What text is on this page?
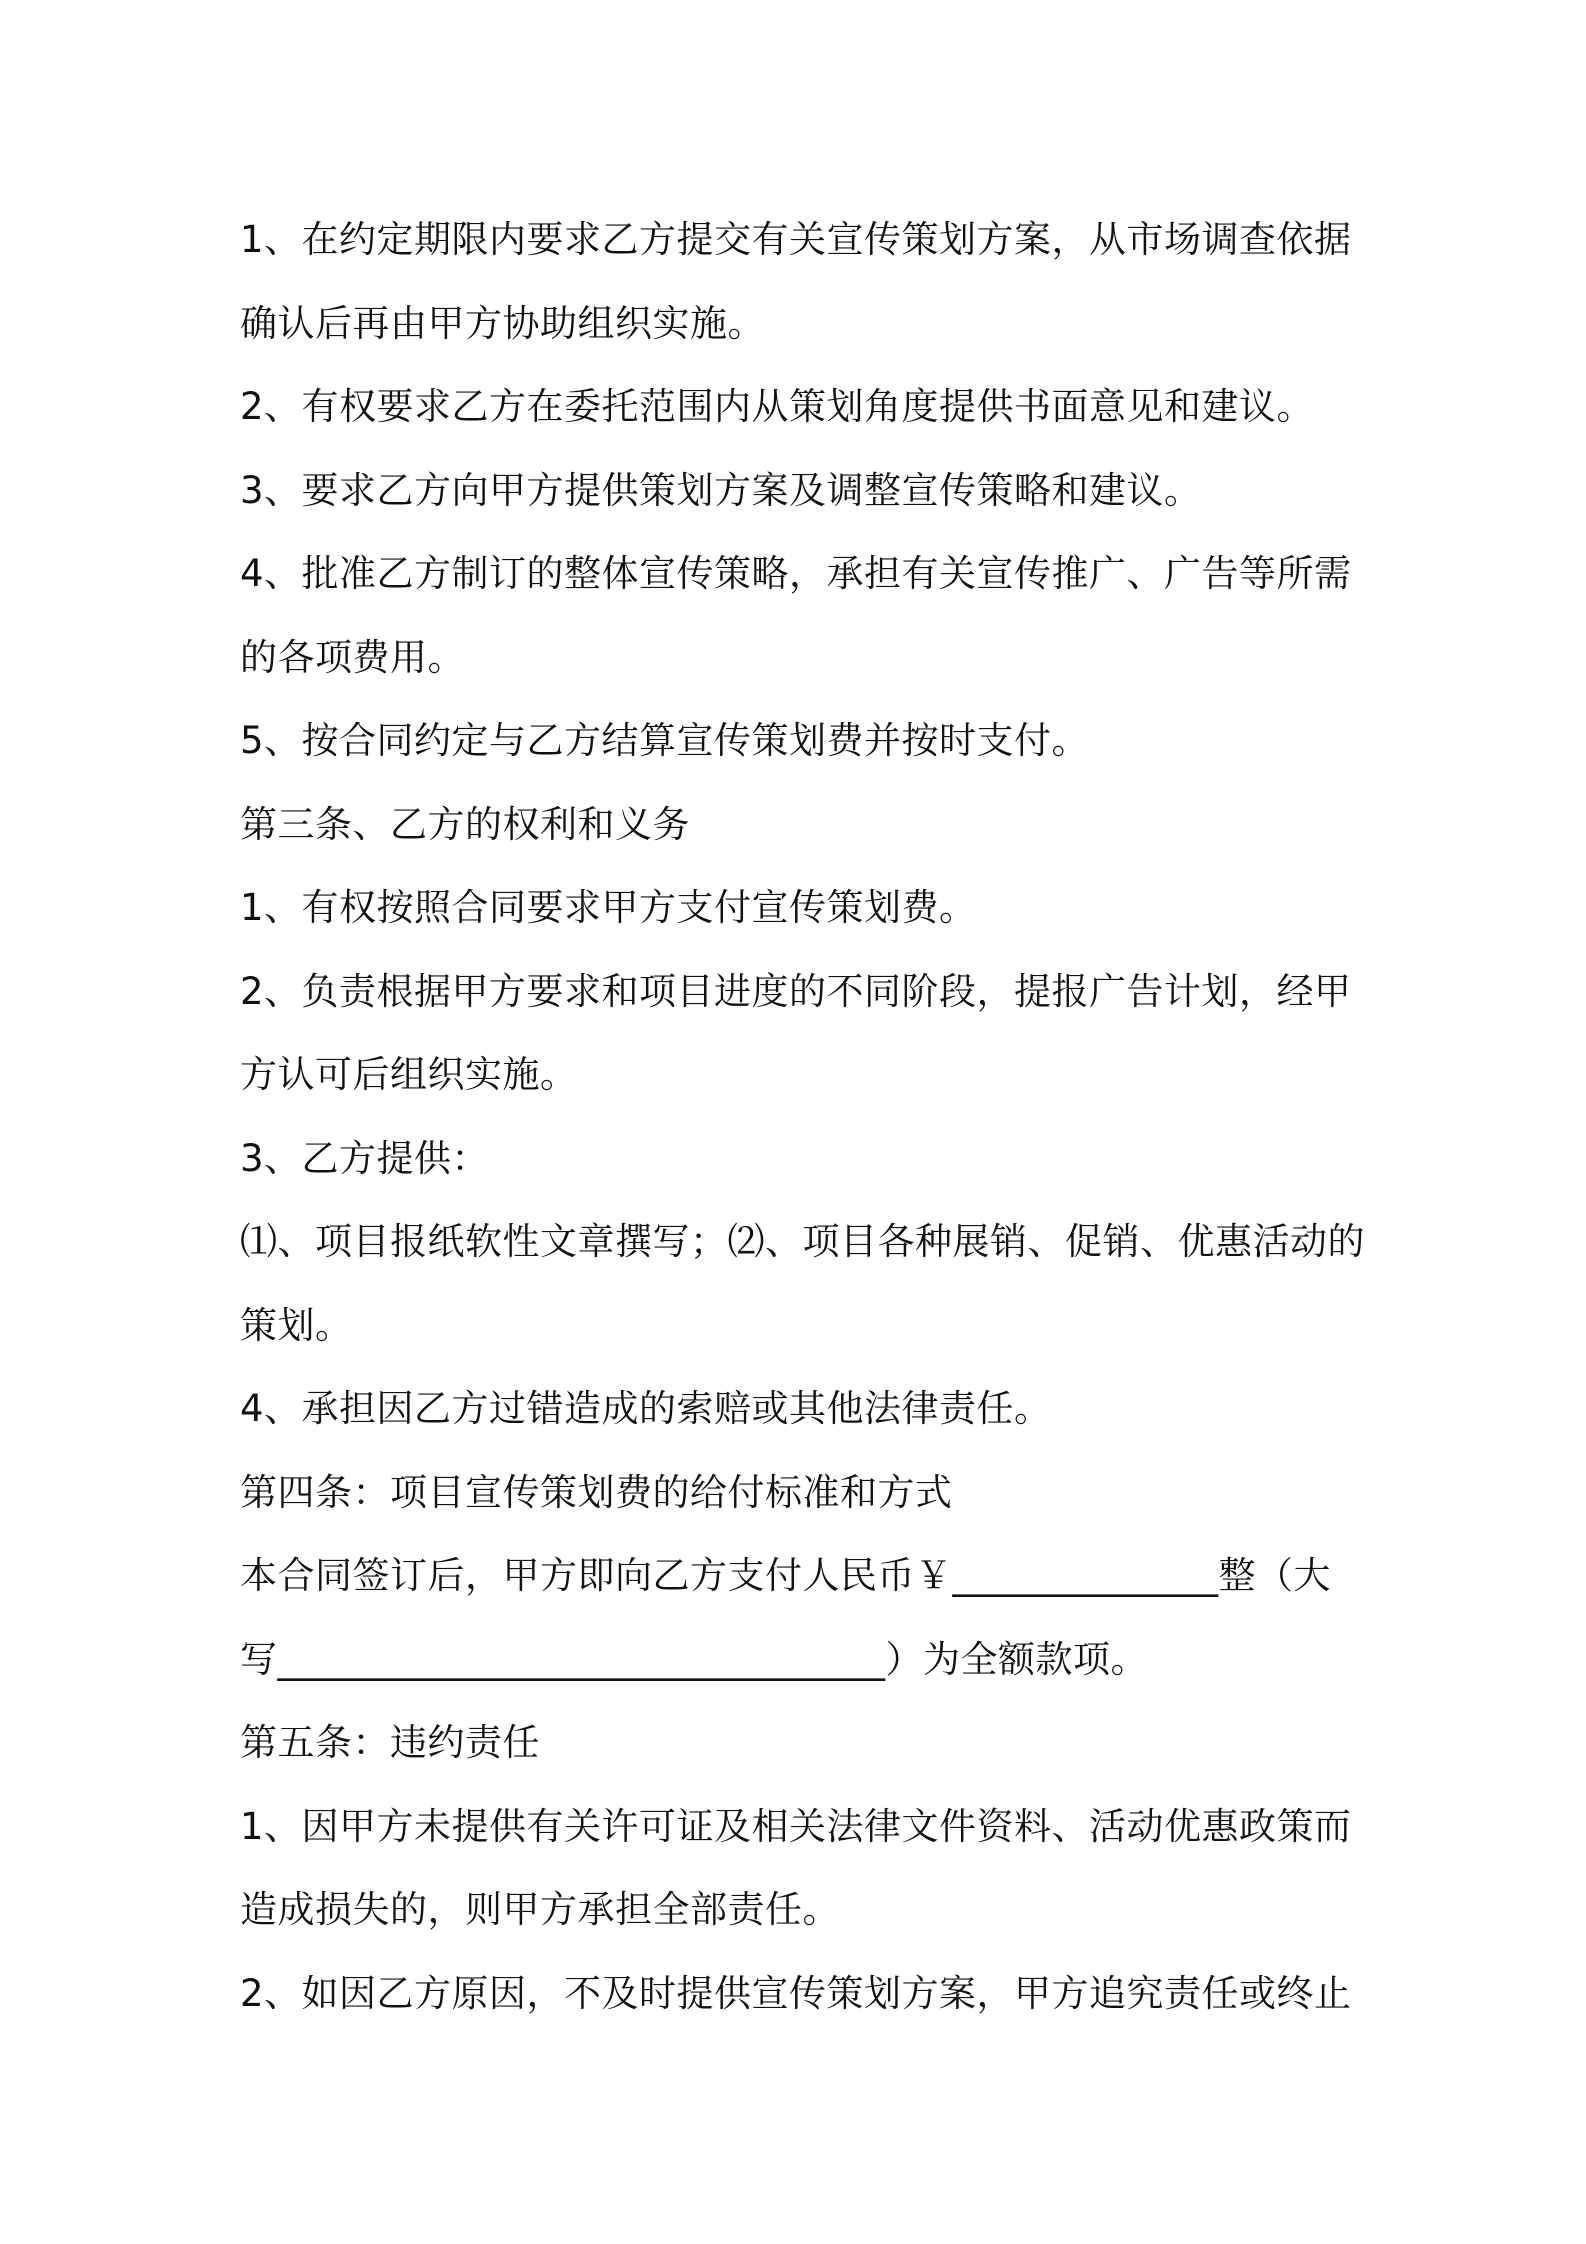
1、在约定期限内要求乙方提交有关宣传策划方案，从市场调查依据
确认后再由甲方协助组织实施。
2、有权要求乙方在委托范围内从策划角度提供书面意见和建议。
3、要求乙方向甲方提供策划方案及调整宣传策略和建议。
4、批准乙方制订的整体宣传策略，承担有关宣传推广、广告等所需
的各项费用。
5、按合同约定与乙方结算宣传策划费并按时支付。
第三条、乙方的权利和义务
1、有权按照合同要求甲方支付宣传策划费。
2、负责根据甲方要求和项目进度的不同阶段，提报广告计划，经甲
方认可后组织实施。
3、乙方提供：
⑴、项目报纸软性文章撰写；⑵、项目各种展销、促销、优惠活动的
策划。
4、承担因乙方过错造成的索赔或其他法律责任。
第四条：项目宣传策划费的给付标准和方式
本合同签订后，甲方即向乙方支付人民币￥______________整（大
写________________________________）为全额款项。
第五条：违约责任
1、因甲方未提供有关许可证及相关法律文件资料、活动优惠政策而
造成损失的，则甲方承担全部责任。
2、如因乙方原因，不及时提供宣传策划方案，甲方追究责任或终止
